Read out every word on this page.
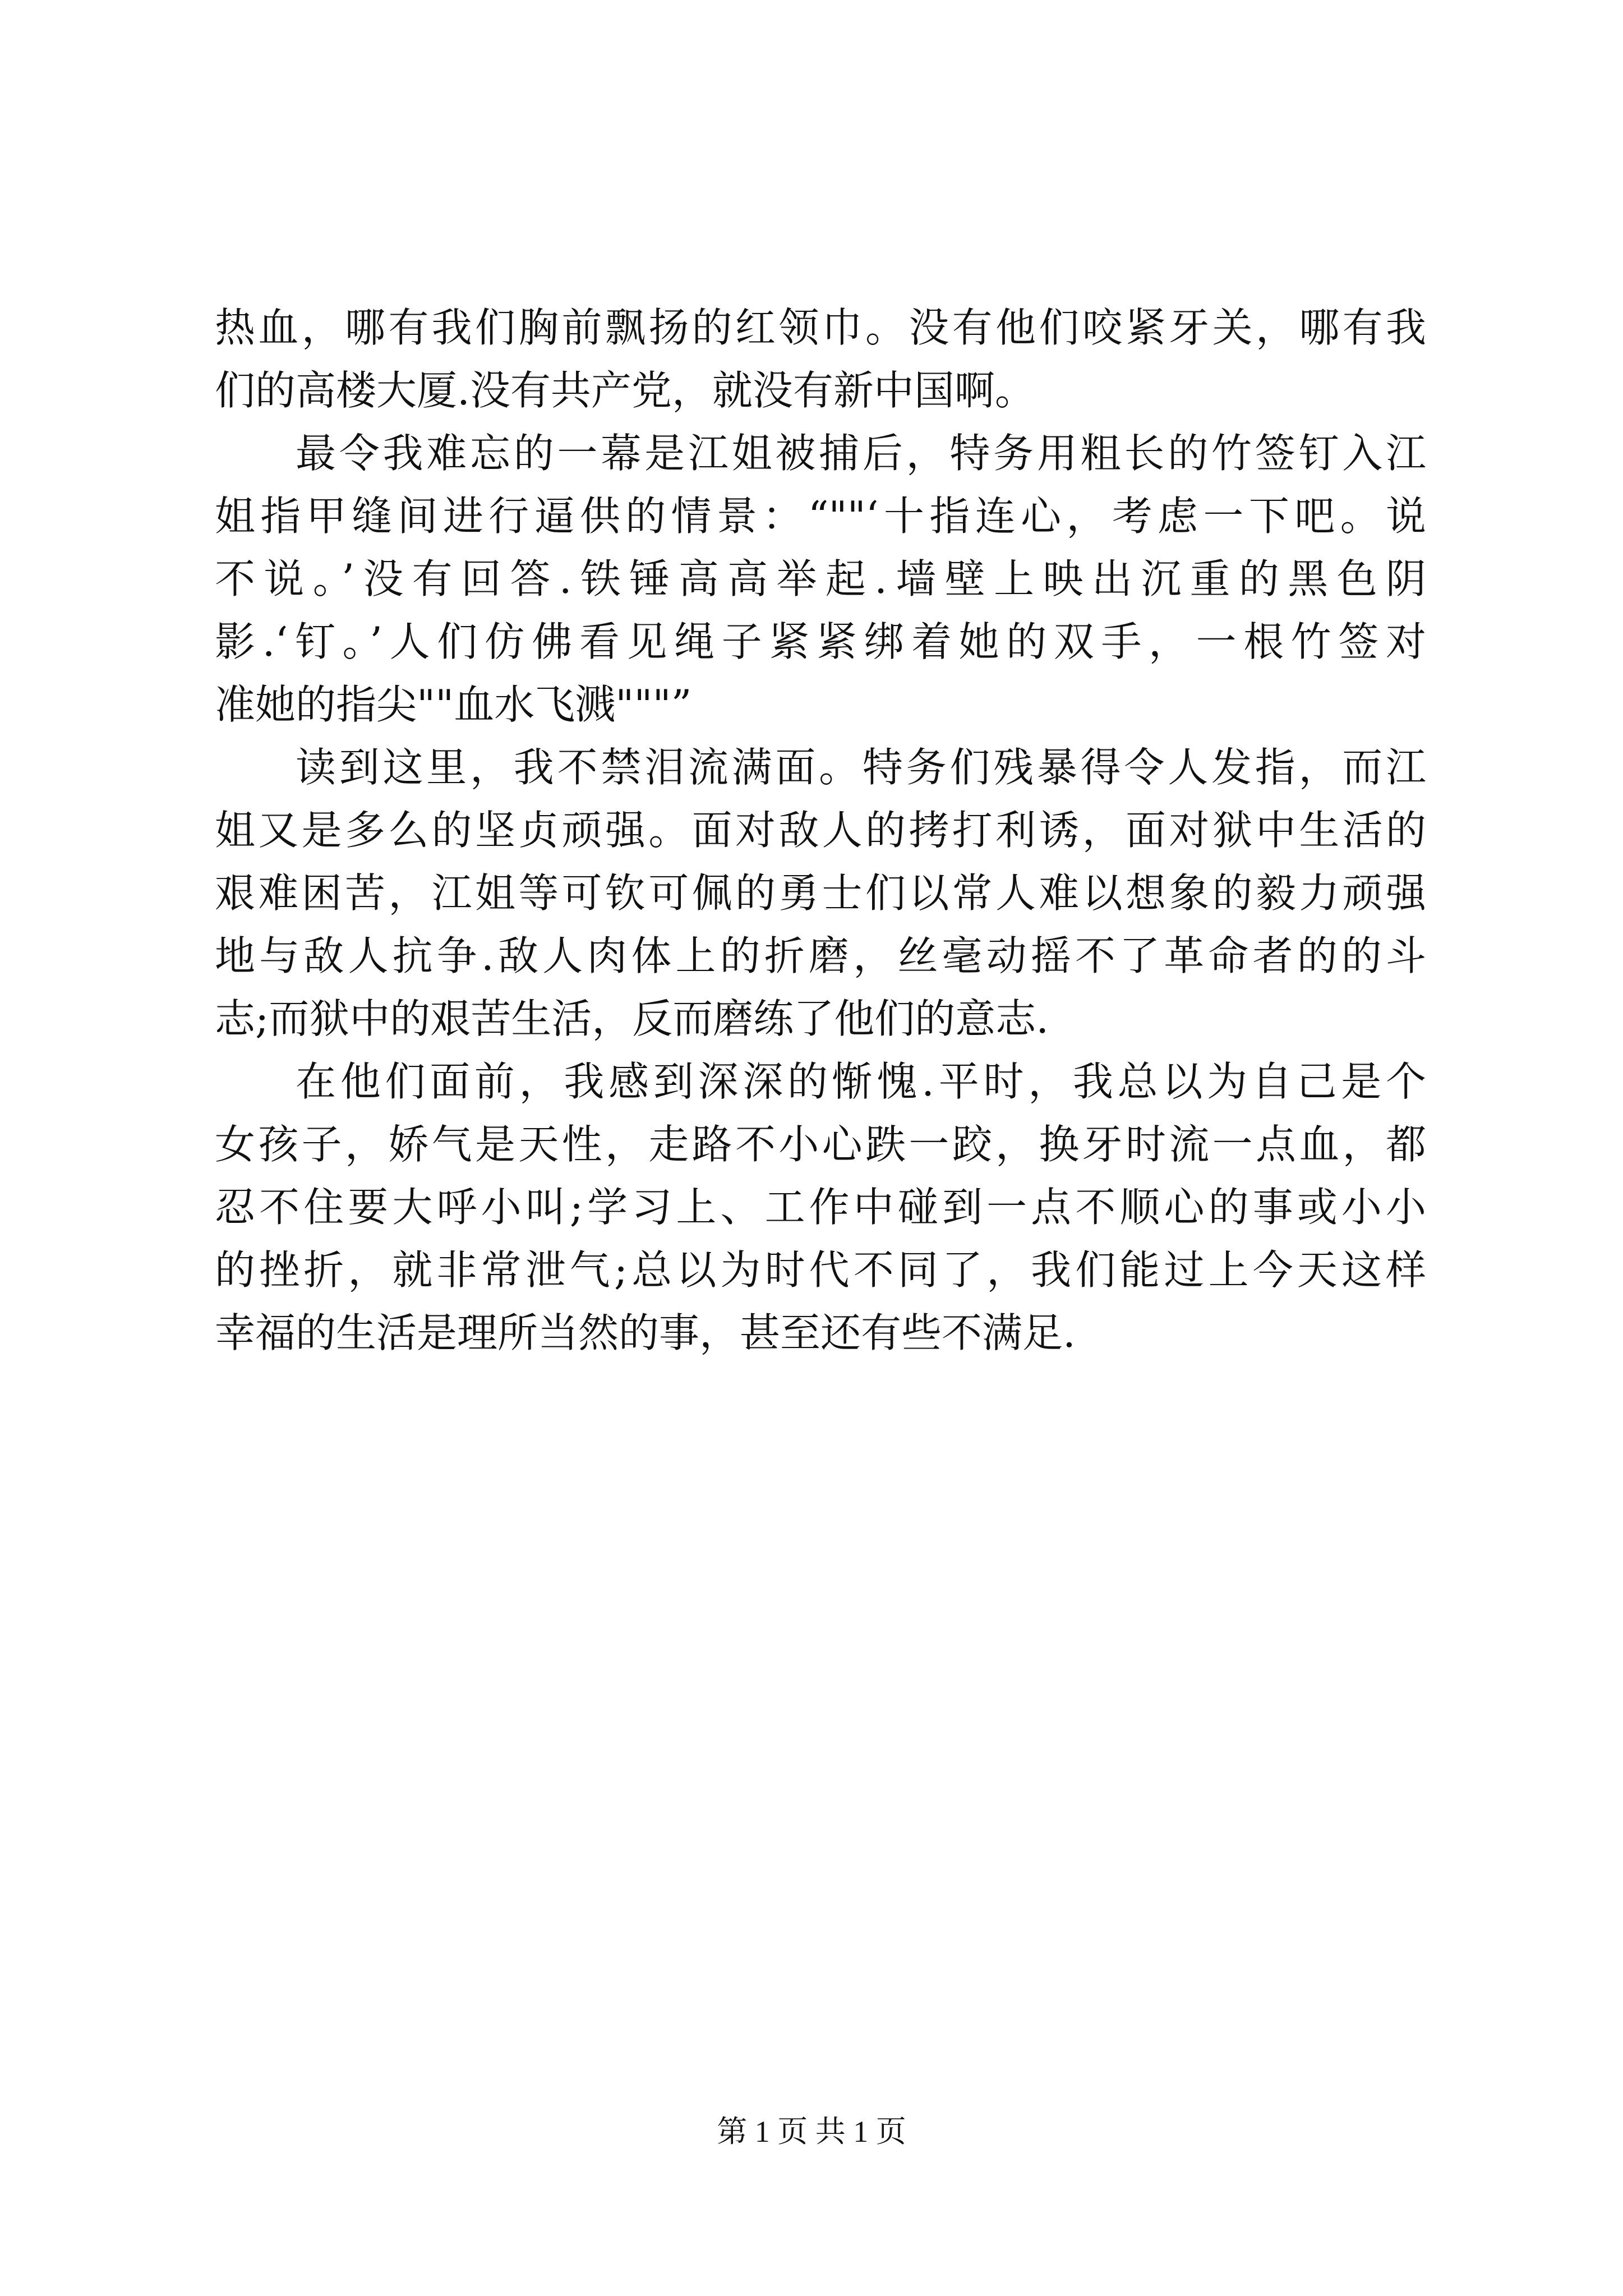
热血，哪有我们胸前飘扬的红领巾。没有他们咬紧牙关，哪有我
们的高楼大厦.没有共产党，就没有新中国啊。
最令我难忘的一幕是江姐被捕后，特务用粗长的竹签钉入江
姐指甲缝间进行逼供的情景：“""‘十指连心，考虑一下吧。说
不说。’没有回答.铁锤高高举起.墙壁上映出沉重的黑色阴
影.‘钉。’人们仿佛看见绳子紧紧绑着她的双手，一根竹签对
准她的指尖""血水飞溅"""”
读到这里，我不禁泪流满面。特务们残暴得令人发指，而江
姐又是多么的坚贞顽强。面对敌人的拷打利诱，面对狱中生活的
艰难困苦，江姐等可钦可佩的勇士们以常人难以想象的毅力顽强
地与敌人抗争.敌人肉体上的折磨，丝毫动摇不了革命者的的斗
志;而狱中的艰苦生活，反而磨练了他们的意志.
在他们面前，我感到深深的惭愧.平时，我总以为自己是个
女孩子，娇气是天性，走路不小心跌一跤，换牙时流一点血，都
忍不住要大呼小叫;学习上、工作中碰到一点不顺心的事或小小
的挫折，就非常泄气;总以为时代不同了，我们能过上今天这样
幸福的生活是理所当然的事，甚至还有些不满足.
第 1 页 共 1 页
